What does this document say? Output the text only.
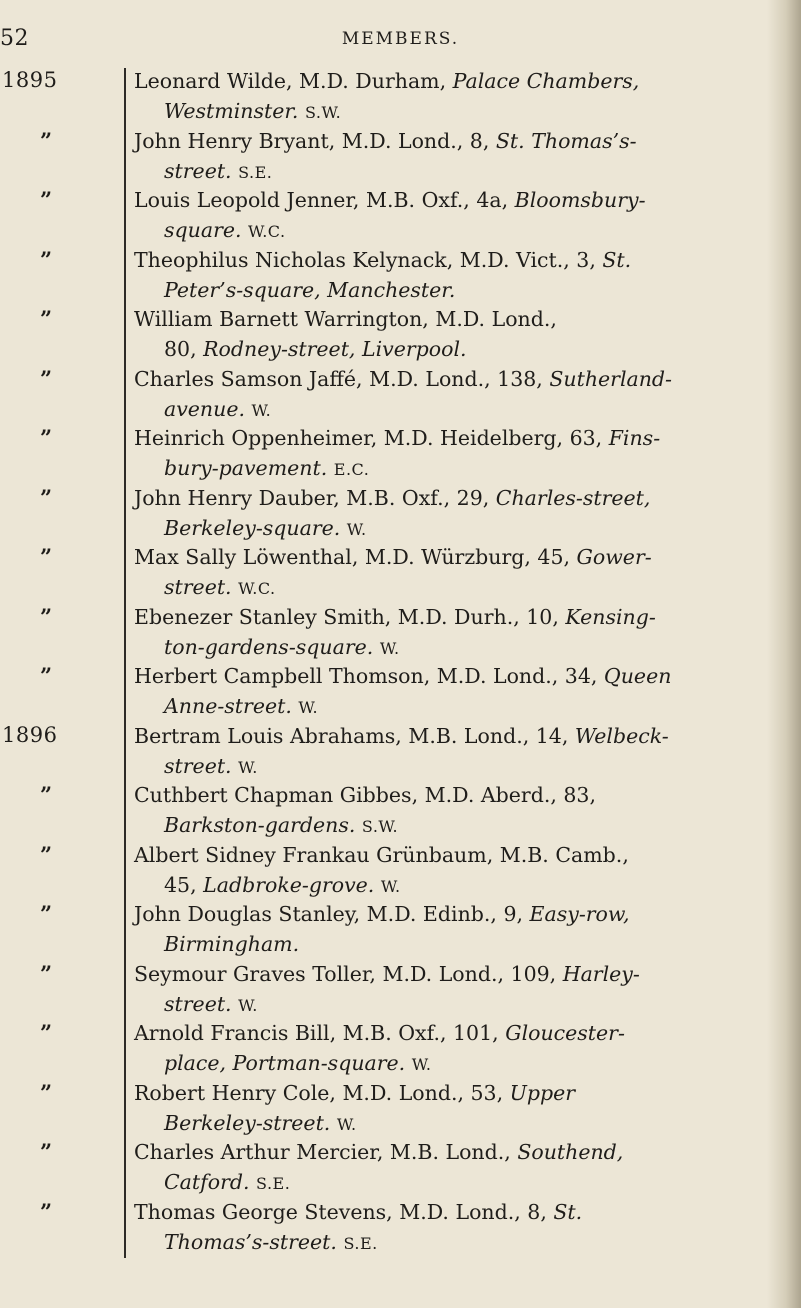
52	MEMBERS.
1895
”
”
”
”
”
”
”
”
”
”
1896
”
”
”
”
”
”
”
”
Leonard Wilde, M.D. Durham, Palace Chambers,
Westminster. S.W.
John Henry Bryant, M.D. Lond., 8, St. Thomas’s-
street. S.E.
Louis Leopold Jenner, M.B. Oxf., 4a, Bloomsbury-
square. W.C.
Theophilus Nicholas Kelynack, M.D. Vict., 3, St.
Peter’s-square, Manchester.
William Barnett Warrington, M.D. Lond.,
80, Rodney-street, Liverpool.
Charles Samson Jaffé, M.D. Lond., 138, Sutherland-
avenue. W.
Heinrich Oppenheimer, M.D. Heidelberg, 63, Fins-
bury-pavement. E.C.
John Henry Dauber, M.B. Oxf., 29, Charles-street,
Berkeley-square. W.
Max Sally Löwenthal, M.D. Würzburg, 45, Gower-
street. W.C.
Ebenezer Stanley Smith, M.D. Durh., 10, Kensing-
ton-gardens-square. W.
Herbert Campbell Thomson, M.D. Lond., 34, Queen
Anne-street. W.
Bertram Louis Abrahams, M.B. Lond., 14, Welbeck-
street. W.
Cuthbert Chapman Gibbes, M.D. Aberd., 83,
Barkston-gardens. S.W.
Albert Sidney Frankau Grünbaum, M.B. Camb.,
45, Ladbroke-grove. W.
John Douglas Stanley, M.D. Edinb., 9, Easy-row,
Birmingham.
Seymour Graves Toller, M.D. Lond., 109, Harley-
street. W.
Arnold Francis Bill, M.B. Oxf., 101, Gloucester-
place, Portman-square. W.
Robert Henry Cole, M.D. Lond., 53, Upper
Berkeley-street. W.
Charles Arthur Mercier, M.B. Lond., Southend,
Catford. S.E.
Thomas George Stevens, M.D. Lond., 8, St.
Thomas’s-street. S.E.
